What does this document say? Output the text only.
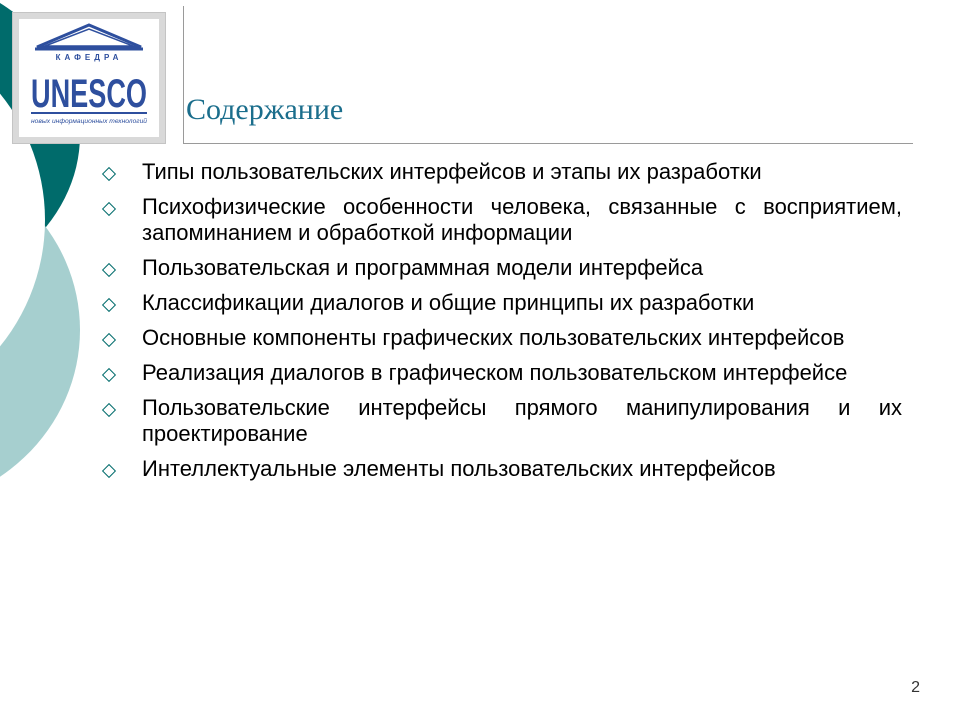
КАФЕДРА
UNESCO
новых информационных технологий	Содержание
Типы пользовательских интерфейсов и этапы их разработки
Психофизические особенности человека, связанные с восприятием, запоминанием и обработкой информации
Пользовательская и программная модели интерфейса
Классификации диалогов и общие принципы их разработки
Основные компоненты графических пользовательских интерфейсов
Реализация диалогов в графическом пользовательском интерфейсе
Пользовательские интерфейсы прямого манипулирования и их проектирование
Интеллектуальные элементы пользовательских интерфейсов
2
